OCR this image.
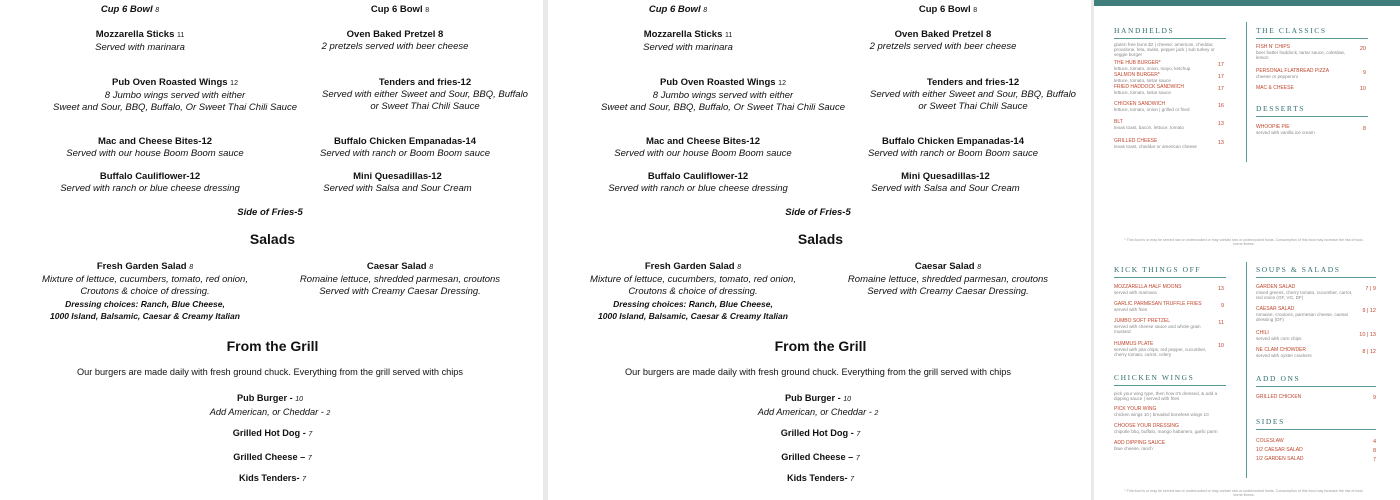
Cup 6 Bowl 8	Cup 6 Bowl 8
Mozzarella Sticks 11
Served with marinara
Oven Baked Pretzel 8
2 pretzels served with beer cheese
Pub Oven Roasted Wings 12
8 Jumbo wings served with either
Sweet and Sour, BBQ, Buffalo, Or Sweet Thai Chili Sauce
Tenders and fries-12
Served with either Sweet and Sour, BBQ, Buffalo
or Sweet Thai Chili Sauce
Mac and Cheese Bites-12
Served with our house Boom Boom sauce
Buffalo Chicken Empanadas-14
Served with ranch or Boom Boom sauce
Buffalo Cauliflower-12
Served with ranch or blue cheese dressing
Mini Quesadillas-12
Served with Salsa and Sour Cream
Side of Fries-5
Salads
Fresh Garden Salad 8
Mixture of lettuce, cucumbers, tomato, red onion,
Croutons & choice of dressing.
Dressing choices: Ranch, Blue Cheese,
1000 Island, Balsamic, Caesar & Creamy Italian
Caesar Salad 8
Romaine lettuce, shredded parmesan, croutons
Served with Creamy Caesar Dressing.
From the Grill
Our burgers are made daily with fresh ground chuck. Everything from the grill served with chips
Pub Burger - 10
Add American, or Cheddar - 2
Grilled Hot Dog - 7
Grilled Cheese – 7
Kids Tenders- 7
Cup 6 Bowl 8	Cup 6 Bowl 8
Mozzarella Sticks 11
Served with marinara
Oven Baked Pretzel 8
2 pretzels served with beer cheese
Pub Oven Roasted Wings 12
8 Jumbo wings served with either
Sweet and Sour, BBQ, Buffalo, Or Sweet Thai Chili Sauce
Tenders and fries-12
Served with either Sweet and Sour, BBQ, Buffalo
or Sweet Thai Chili Sauce
Mac and Cheese Bites-12
Served with our house Boom Boom sauce
Buffalo Chicken Empanadas-14
Served with ranch or Boom Boom sauce
Buffalo Cauliflower-12
Served with ranch or blue cheese dressing
Mini Quesadillas-12
Served with Salsa and Sour Cream
Side of Fries-5
Salads
Fresh Garden Salad 8
Mixture of lettuce, cucumbers, tomato, red onion,
Croutons & choice of dressing.
Dressing choices: Ranch, Blue Cheese,
1000 Island, Balsamic, Caesar & Creamy Italian
Caesar Salad 8
Romaine lettuce, shredded parmesan, croutons
Served with Creamy Caesar Dressing.
From the Grill
Our burgers are made daily with fresh ground chuck. Everything from the grill served with chips
Pub Burger - 10
Add American, or Cheddar - 2
Grilled Hot Dog - 7
Grilled Cheese – 7
Kids Tenders- 7
HANDHELDS
gluten free buns $2 | cheese: american, cheddar, provolone, feta, swiss, pepper jack | sub turkey or veggie burger
THE HUB BURGER*
lettuce, tomato, onion, mayo, ketchup
17
SALMON BURGER*
lettuce, tomato, tartar sauce
17
FRIED HADDOCK SANDWICH
lettuce, tomato, tartar sauce
17
CHICKEN SANDWICH
lettuce, tomato, onion | grilled or fried
16
BLT
texas toast, bacon, lettuce, tomato
13
GRILLED CHEESE
texas toast, cheddar or american cheese
13
THE CLASSICS
FISH N' CHIPS
beer batter haddock, tartar sauce, coleslaw, lemon
20
PERSONAL FLATBREAD PIZZA
cheese or pepperoni
9
MAC & CHEESE	10
DESSERTS
WHOOPIE PIE
served with vanilla ice cream
8
* This food is or may be served raw or undercooked or may contain raw or undercooked foods. Consumption of this food may increase the risk of food-borne illness.
KICK THINGS OFF
MOZZARELLA HALF MOONS
served with marinara
13
GARLIC PARMESAN TRUFFLE FRIES
served with fries
9
JUMBO SOFT PRETZEL
served with cheese sauce and whole grain mustard
11
HUMMUS PLATE
served with pita chips, red pepper, cucumber, cherry tomato, carrot, celery
10
CHICKEN WINGS
pick your wing type, then how it's dressed, & add a dipping sauce | served with fries
PICK YOUR WING
chicken wings 10 | breaded boneless wings 10
CHOOSE YOUR DRESSING
chipotle bbq, buffalo, mango habanero, garlic parm
ADD DIPPING SAUCE
blue cheese, ranch
SOUPS & SALADS
GARDEN SALAD
mixed greens, cherry tomato, cucumber, carrot, red onion (GF, VG, DF)
7 | 9
CAESAR SALAD
romaine, croutons, parmesan cheese, caesar dressing (DF)
9 | 12
CHILI
served with corn chips
10 | 13
NE CLAM CHOWDER
served with oyster crackers
8 | 12
ADD ONS
GRILLED CHICKEN	9
SIDES
COLESLAW	4
1/2 CAESAR SALAD	8
1/2 GARDEN SALAD	7
* This food is or may be served raw or undercooked or may contain raw or undercooked foods. Consumption of this food may increase the risk of food-borne illness.
